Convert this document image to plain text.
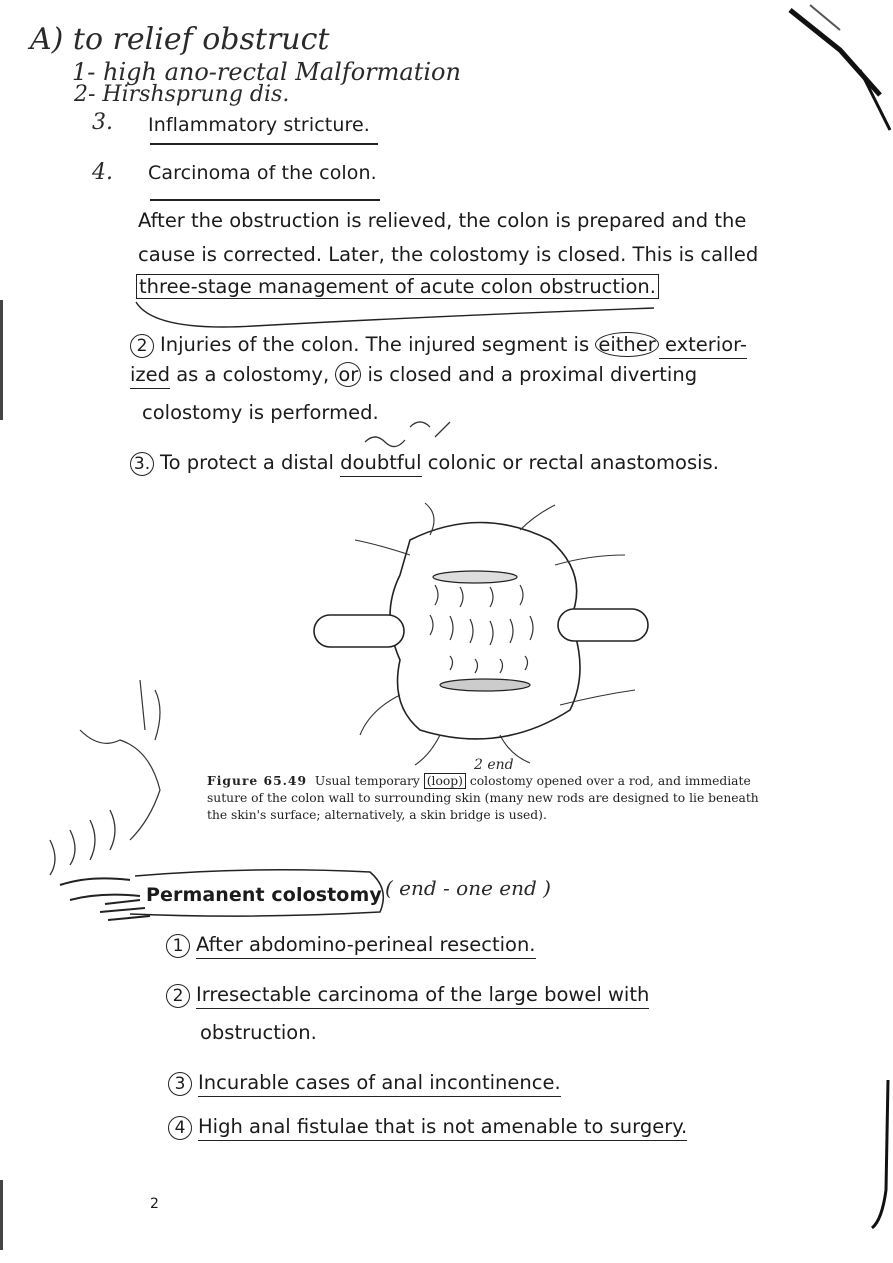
A) to relief obstruct
1- high ano-rectal Malformation
2- Hirshsprung dis.
3. Inflammatory stricture.
4. Carcinoma of the colon.
After the obstruction is relieved, the colon is prepared and the
cause is corrected. Later, the colostomy is closed. This is called
three-stage management of acute colon obstruction.
2 Injuries of the colon. The injured segment is either exterior-
ized as a colostomy, or is closed and a proximal diverting
colostomy is performed.
3. To protect a distal doubtful colonic or rectal anastomosis.
2 end
Figure 65.49 Usual temporary (loop) colostomy opened over a rod, and immediate suture of the colon wall to surrounding skin (many new rods are designed to lie beneath the skin's surface; alternatively, a skin bridge is used).
Permanent colostomy ( end - one end )
1 After abdomino-perineal resection.
2 Irresectable carcinoma of the large bowel with
obstruction.
3 Incurable cases of anal incontinence.
4 High anal fistulae that is not amenable to surgery.
2
